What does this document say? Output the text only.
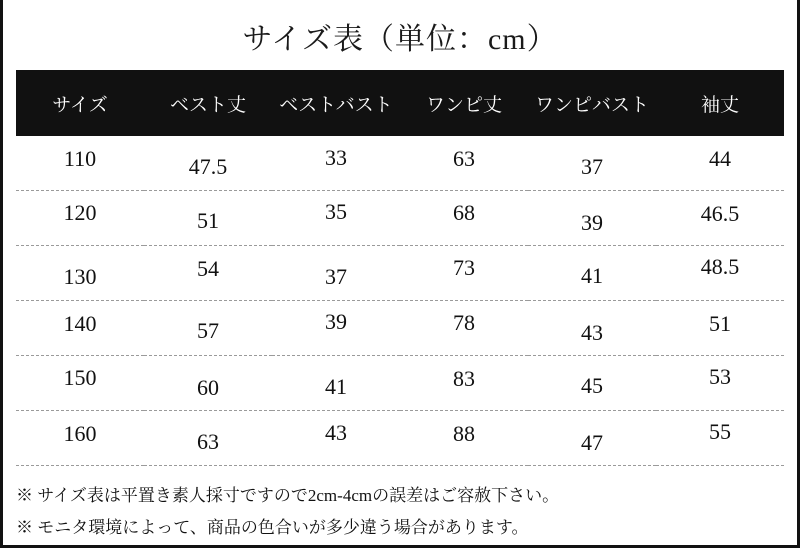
サイズ表（単位：cm）
サイズ	ベスト丈	ベストバスト	ワンピ丈	ワンピバスト	袖丈
110	47.5	33	63	37	44
120	51	35	68	39	46.5
130	54	37	73	41	48.5
140	57	39	78	43	51
150	60	41	83	45	53
160	63	43	88	47	55
※ サイズ表は平置き素人採寸ですので2cm-4cmの誤差はご容赦下さい。
※ モニタ環境によって、商品の色合いが多少違う場合があります。
